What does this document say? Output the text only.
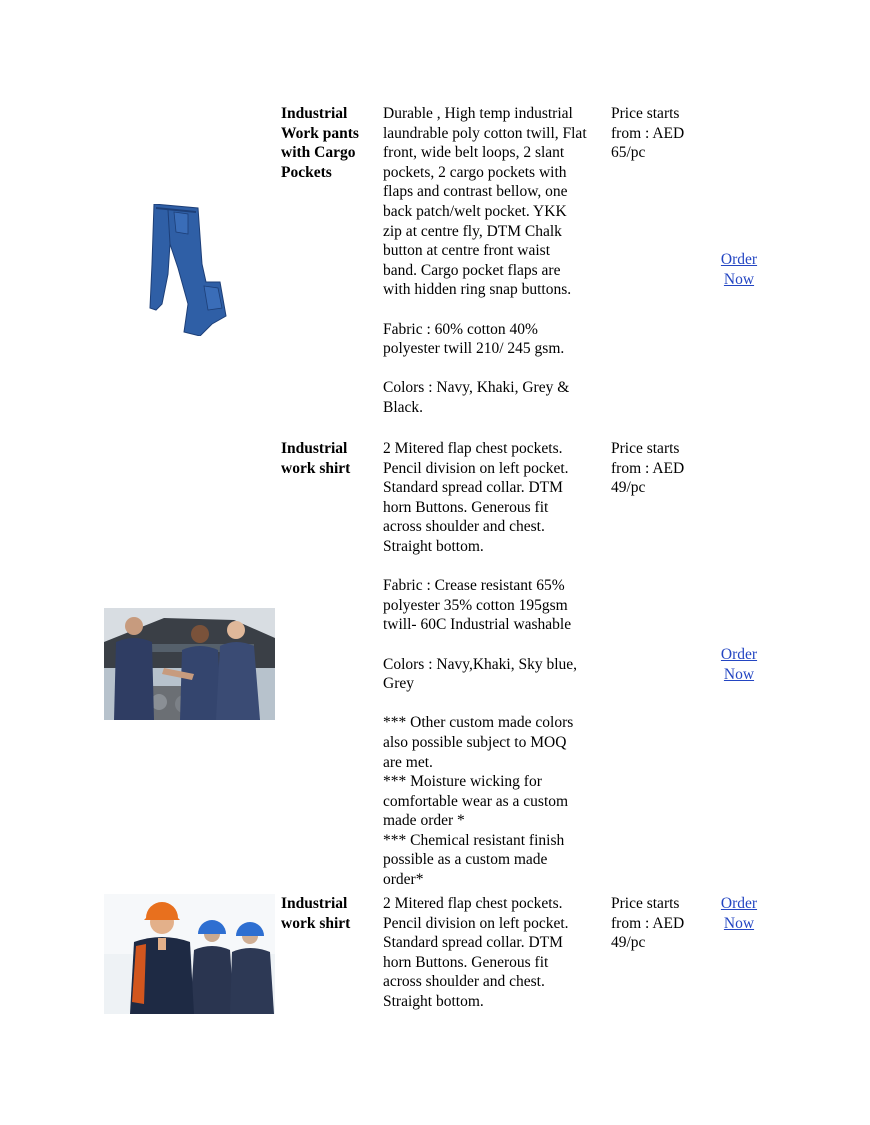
Industrial
Work pants
with Cargo
Pockets

Durable , High temp industrial
laundrable poly cotton twill, Flat
front, wide belt loops, 2 slant
pockets, 2 cargo pockets with
flaps and contrast bellow, one
back patch/welt pocket. YKK
zip at centre fly, DTM Chalk
button at centre front waist
band. Cargo pocket flaps are
with hidden ring snap buttons.

Fabric : 60% cotton 40%
polyester twill 210/ 245 gsm.

Colors : Navy, Khaki, Grey &
Black.

Price starts
from : AED
65/pc
Order
Now
Industrial
work shirt

2 Mitered flap chest pockets.
Pencil division on left pocket.
Standard spread collar. DTM
horn Buttons. Generous fit
across shoulder and chest.
Straight bottom.

Fabric : Crease resistant 65%
polyester 35% cotton 195gsm
twill- 60C Industrial washable

Colors : Navy,Khaki, Sky blue,
Grey

*** Other custom made colors
also possible subject to MOQ
are met.
*** Moisture wicking for
comfortable wear as a custom
made order *
*** Chemical resistant finish
possible as a custom made
order*

Price starts
from : AED
49/pc
Order
Now
Industrial
work shirt

2 Mitered flap chest pockets.
Pencil division on left pocket.
Standard spread collar. DTM
horn Buttons. Generous fit
across shoulder and chest.
Straight bottom.

Price starts
from : AED
49/pc
Order
Now
